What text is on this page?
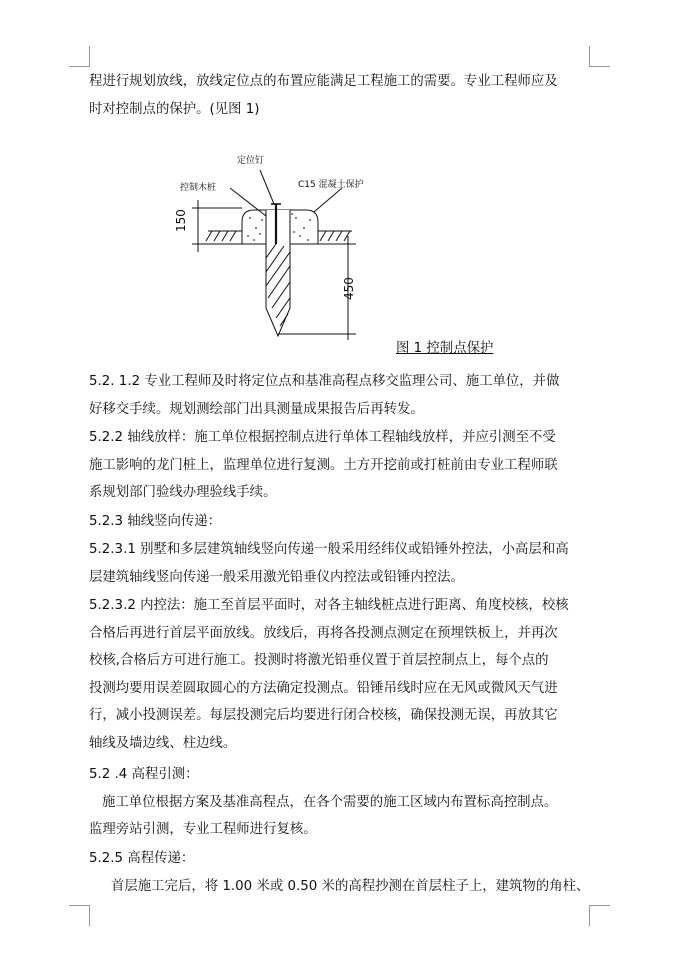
程进行规划放线，放线定位点的布置应能满足工程施工的需要。专业工程师应及
时对控制点的保护。(见图 1)

定位钉
控制木桩	C15 混凝土保护
150
450
图 1 控制点保护

5.2. 1.2 专业工程师及时将定位点和基准高程点移交监理公司、施工单位，并做
好移交手续。规划测绘部门出具测量成果报告后再转发。

5.2.2 轴线放样：施工单位根据控制点进行单体工程轴线放样，并应引测至不受
施工影响的龙门桩上，监理单位进行复测。土方开挖前或打桩前由专业工程师联
系规划部门验线办理验线手续。

5.2.3 轴线竖向传递：

5.2.3.1 别墅和多层建筑轴线竖向传递一般采用经纬仪或铅锤外控法，小高层和高
层建筑轴线竖向传递一般采用激光铅垂仪内控法或铅锤内控法。

5.2.3.2 内控法：施工至首层平面时，对各主轴线桩点进行距离、角度校核，校核
合格后再进行首层平面放线。放线后，再将各投测点测定在预埋铁板上，并再次
校核,合格后方可进行施工。投测时将激光铅垂仪置于首层控制点上，每个点的
投测均要用误差圆取圆心的方法确定投测点。铅锤吊线时应在无风或微风天气进
行，减小投测误差。每层投测完后均要进行闭合校核，确保投测无误，再放其它
轴线及墙边线、柱边线。

5.2 .4 高程引测：
施工单位根据方案及基准高程点，在各个需要的施工区域内布置标高控制点。
监理旁站引测，专业工程师进行复核。

5.2.5 高程传递：
首层施工完后，将 1.00 米或 0.50 米的高程抄测在首层柱子上，建筑物的角柱、
